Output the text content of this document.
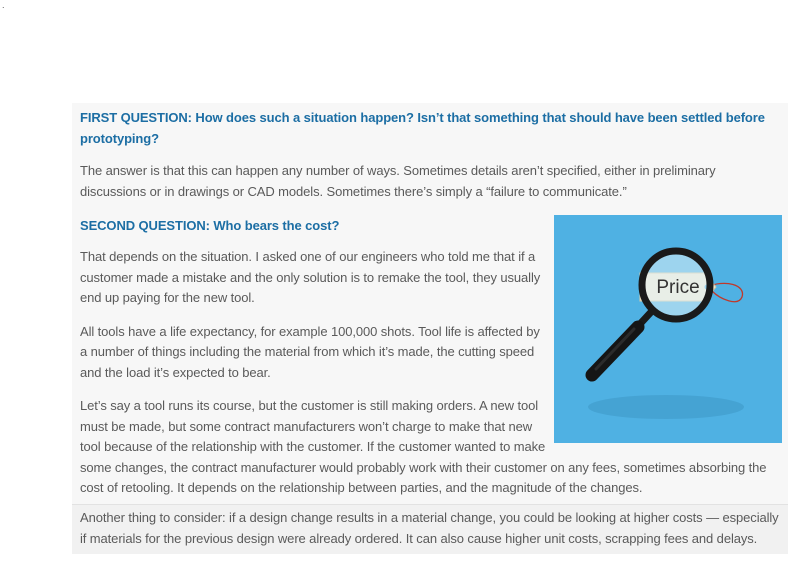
.

FIRST QUESTION: How does such a situation happen? Isn’t that something that should have been settled before prototyping?

The answer is that this can happen any number of ways. Sometimes details aren’t specified, either in preliminary discussions or in drawings or CAD models. Sometimes there’s simply a “failure to communicate.”

Price

SECOND QUESTION: Who bears the cost?

That depends on the situation. I asked one of our engineers who told me that if a customer made a mistake and the only solution is to remake the tool, they usually end up paying for the new tool.

All tools have a life expectancy, for example 100,000 shots. Tool life is affected by a number of things including the material from which it’s made, the cutting speed and the load it’s expected to bear.

Let’s say a tool runs its course, but the customer is still making orders. A new tool must be made, but some contract manufacturers won’t charge to make that new tool because of the relationship with the customer. If the customer wanted to make some changes, the contract manufacturer would probably work with their customer on any fees, sometimes absorbing the cost of retooling. It depends on the relationship between parties, and the magnitude of the changes.

Another thing to consider: if a design change results in a material change, you could be looking at higher costs — especially if materials for the previous design were already ordered. It can also cause higher unit costs, scrapping fees and delays.
